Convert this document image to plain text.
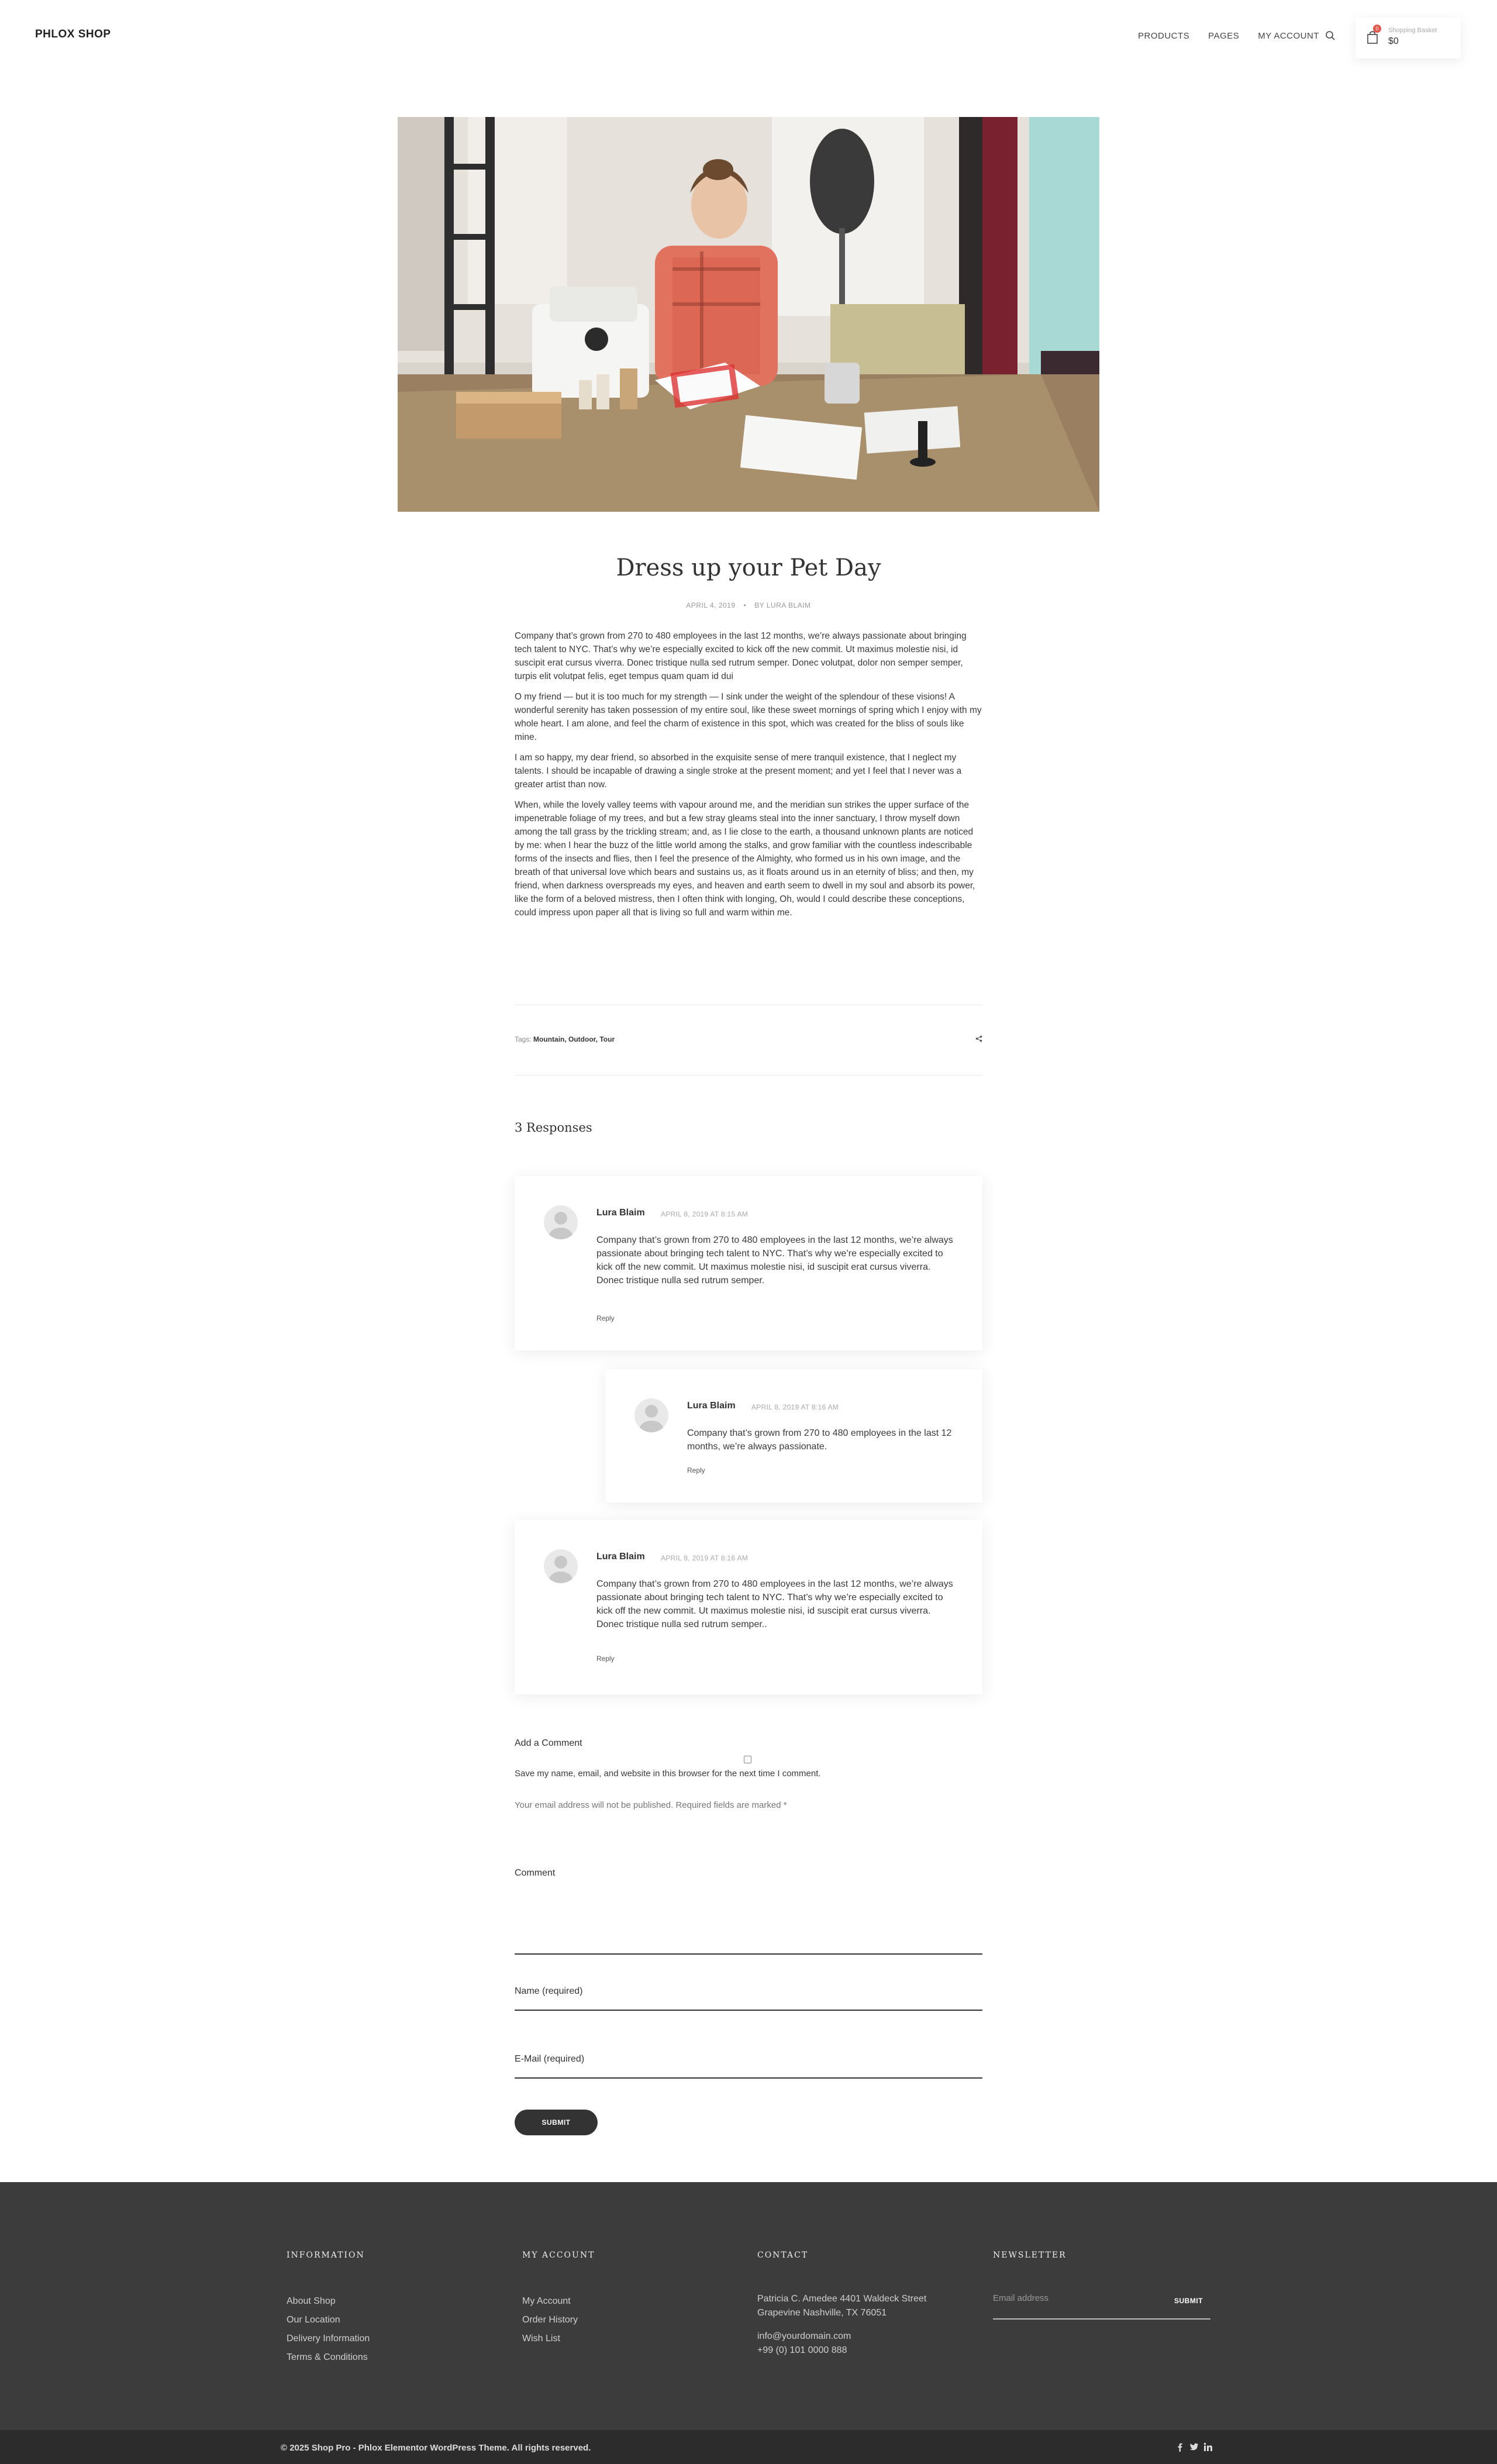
PHLOX SHOP	PRODUCTS PAGES MY ACCOUNT
0	Shopping Basket
$0
Dress up your Pet Day
APRIL 4, 2019 • BY LURA BLAIM

Company that’s grown from 270 to 480 employees in the last 12 months, we’re always passionate about bringing tech talent to NYC. That’s why we’re especially excited to kick off the new commit. Ut maximus molestie nisi, id suscipit erat cursus viverra. Donec tristique nulla sed rutrum semper. Donec volutpat, dolor non semper semper, turpis elit volutpat felis, eget tempus quam quam id dui

O my friend — but it is too much for my strength — I sink under the weight of the splendour of these visions! A wonderful serenity has taken possession of my entire soul, like these sweet mornings of spring which I enjoy with my whole heart. I am alone, and feel the charm of existence in this spot, which was created for the bliss of souls like mine.

I am so happy, my dear friend, so absorbed in the exquisite sense of mere tranquil existence, that I neglect my talents. I should be incapable of drawing a single stroke at the present moment; and yet I feel that I never was a greater artist than now.

When, while the lovely valley teems with vapour around me, and the meridian sun strikes the upper surface of the impenetrable foliage of my trees, and but a few stray gleams steal into the inner sanctuary, I throw myself down among the tall grass by the trickling stream; and, as I lie close to the earth, a thousand unknown plants are noticed by me: when I hear the buzz of the little world among the stalks, and grow familiar with the countless indescribable forms of the insects and flies, then I feel the presence of the Almighty, who formed us in his own image, and the breath of that universal love which bears and sustains us, as it floats around us in an eternity of bliss; and then, my friend, when darkness overspreads my eyes, and heaven and earth seem to dwell in my soul and absorb its power, like the form of a beloved mistress, then I often think with longing, Oh, would I could describe these conceptions, could impress upon paper all that is living so full and warm within me.

Tags: Mountain, Outdoor, Tour
3 Responses
Lura Blaim APRIL 8, 2019 AT 8:15 AM
Company that’s grown from 270 to 480 employees in the last 12 months, we’re always passionate about bringing tech talent to NYC. That’s why we’re especially excited to kick off the new commit. Ut maximus molestie nisi, id suscipit erat cursus viverra. Donec tristique nulla sed rutrum semper.
Reply
Lura Blaim APRIL 8, 2019 AT 8:16 AM
Company that’s grown from 270 to 480 employees in the last 12 months, we’re always passionate.
Reply
Lura Blaim APRIL 8, 2019 AT 8:16 AM
Company that’s grown from 270 to 480 employees in the last 12 months, we’re always passionate about bringing tech talent to NYC. That’s why we’re especially excited to kick off the new commit. Ut maximus molestie nisi, id suscipit erat cursus viverra. Donec tristique nulla sed rutrum semper..
Reply
Add a Comment
Save my name, email, and website in this browser for the next time I comment.
Your email address will not be published. Required fields are marked *
Comment
Name (required)
E-Mail (required)
SUBMIT
INFORMATION
About Shop
Our Location
Delivery Information
Terms & Conditions
MY ACCOUNT
My Account
Order History
Wish List
CONTACT
Patricia C. Amedee 4401 Waldeck Street
Grapevine Nashville, TX 76051
info@yourdomain.com
+99 (0) 101 0000 888
NEWSLETTER
Email address	SUBMIT
© 2025 Shop Pro - Phlox Elementor WordPress Theme. All rights reserved.
